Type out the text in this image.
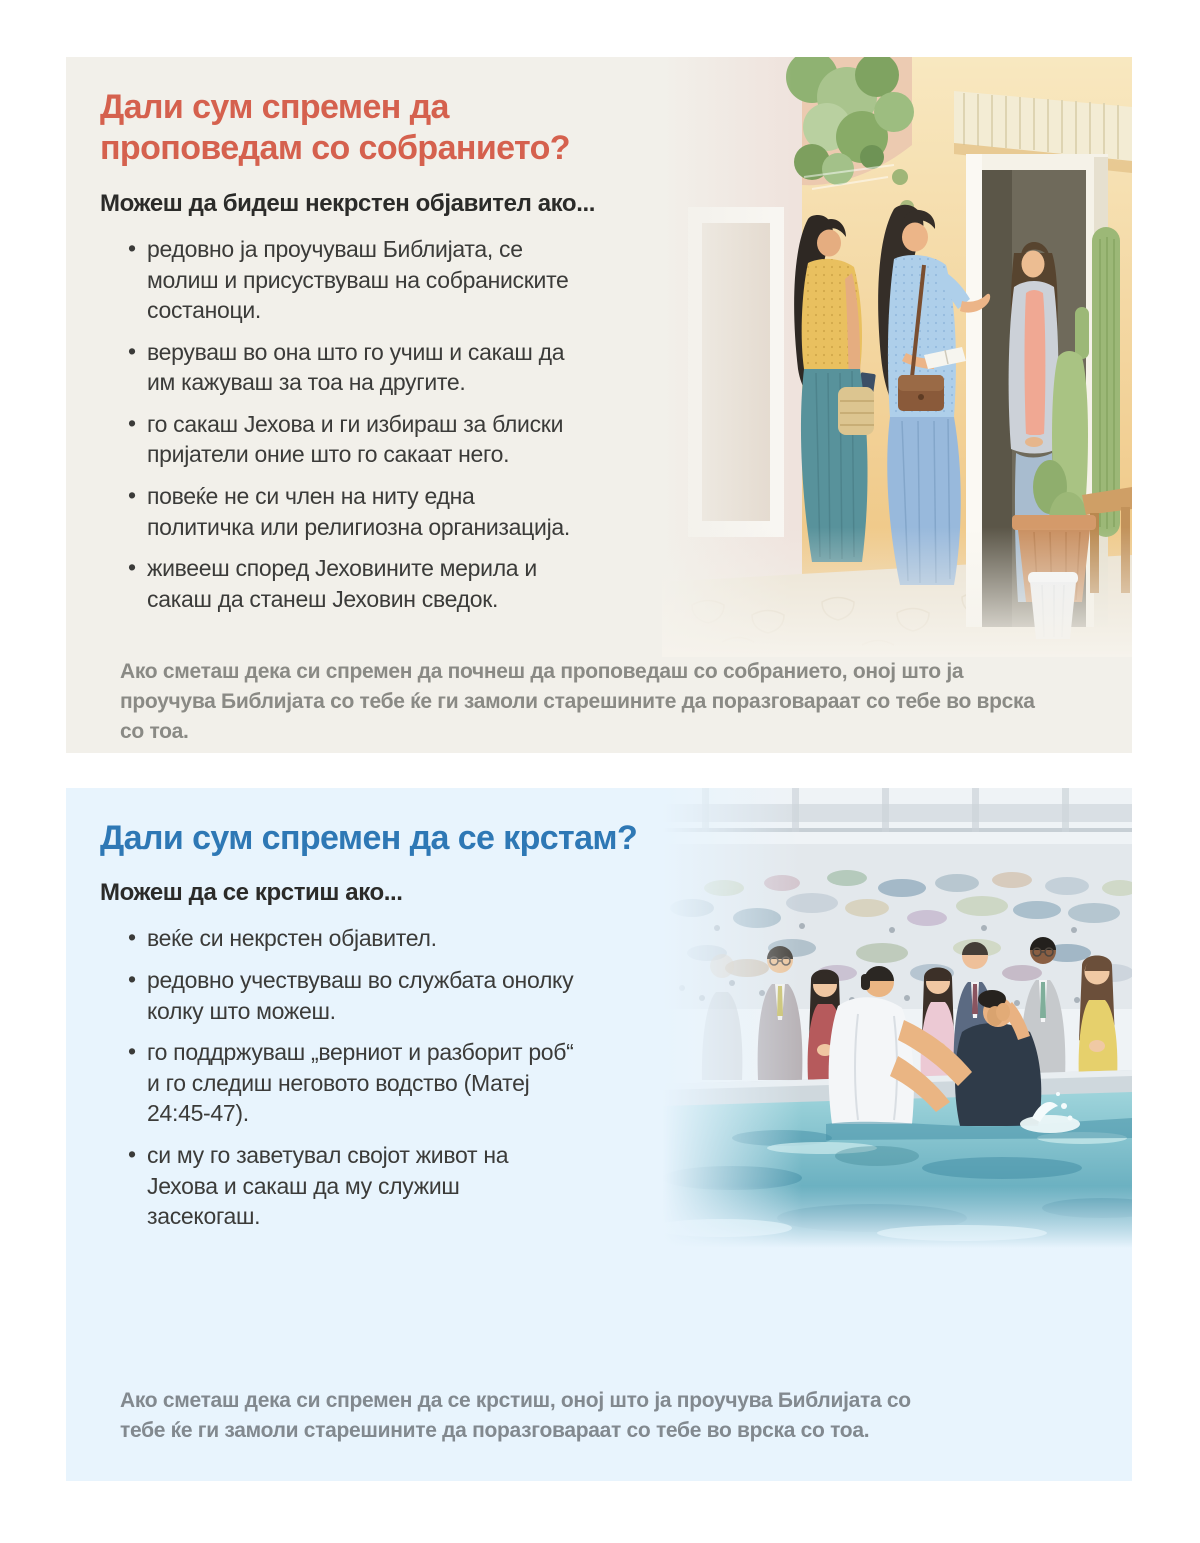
Дали сум спремен да проповедам со собранието?
Можеш да бидеш некрстен објавител ако...
• редовно ја проучуваш Библијата, се молиш и присуствуваш на собраниските состаноци.
• веруваш во она што го учиш и сакаш да им кажуваш за тоа на другите.
• го сакаш Јехова и ги избираш за блиски пријатели оние што го сакаат него.
• повеќе не си член на ниту една политичка или религиозна организација.
• живееш според Јеховините мерила и сакаш да станеш Јеховин сведок.

Ако сметаш дека си спремен да почнеш да проповедаш со собранието, оној што ја проучува Библијата со тебе ќе ги замоли старешините да поразговараат со тебе во врска со тоа.

Дали сум спремен да се крстам?
Можеш да се крстиш ако...
• веќе си некрстен објавител.
• редовно учествуваш во службата онолку колку што можеш.
• го поддржуваш „верниот и разборит роб“ и го следиш неговото водство (Матеј 24:45-47).
• си му го заветувал својот живот на Јехова и сакаш да му служиш засекогаш.

Ако сметаш дека си спремен да се крстиш, оној што ја проучува Библијата со тебе ќе ги замоли старешините да поразговараат со тебе во врска со тоа.
